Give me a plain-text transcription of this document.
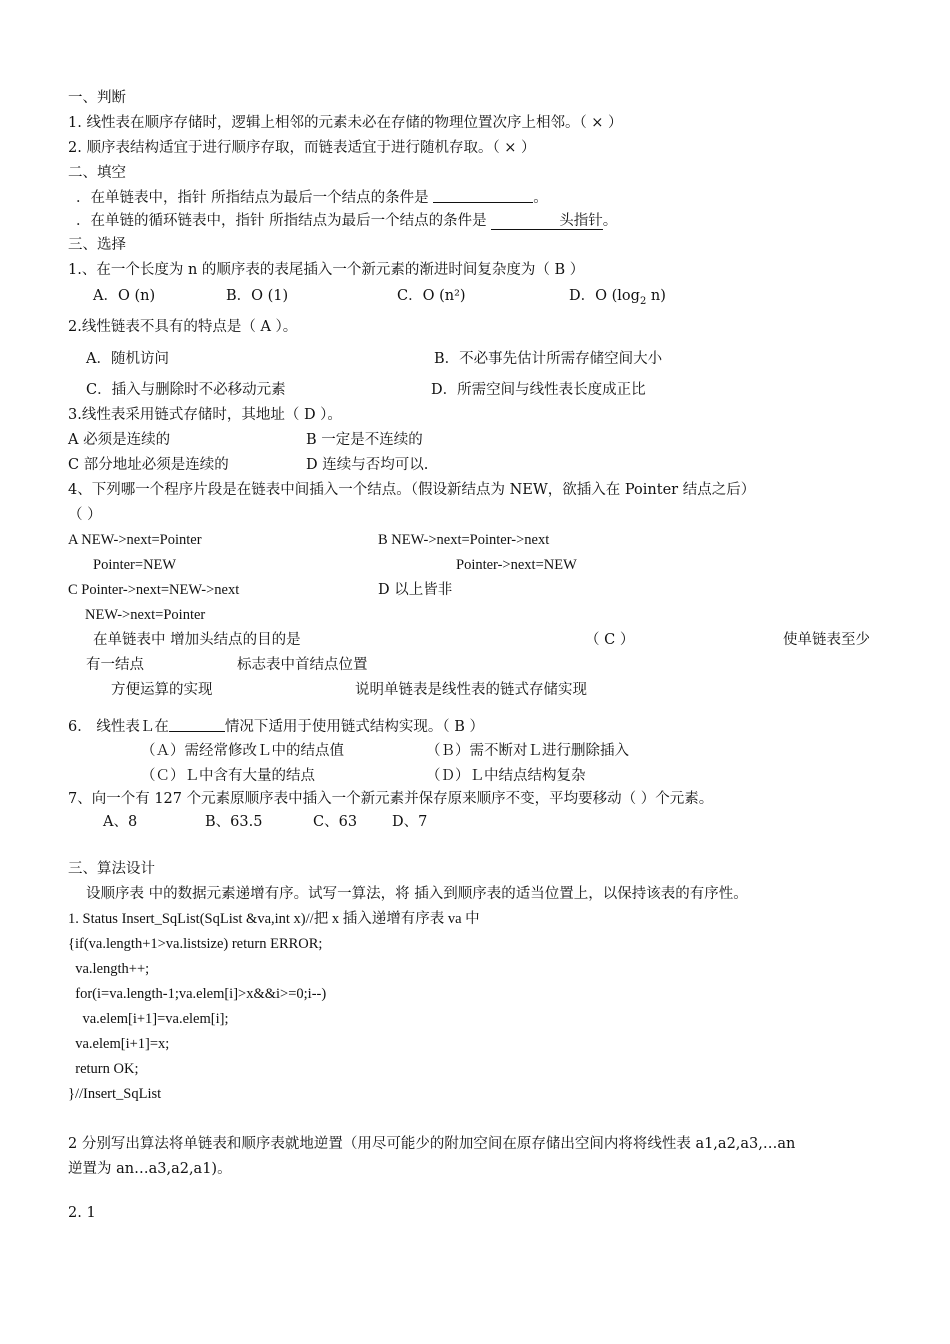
一、判断
1. 线性表在顺序存储时，逻辑上相邻的元素未必在存储的物理位置次序上相邻。（ × ）
2. 顺序表结构适宜于进行顺序存取，而链表适宜于进行随机存取。（ × ）
二、填空
．在单链表中，指针 所指结点为最后一个结点的条件是	。
．在单链的循环链表中，指针 所指结点为最后一个结点的条件是	头指针。
三、选择
1.、在一个长度为 n 的顺序表的表尾插入一个新元素的渐进时间复杂度为（ B ）
A．O (n)	B．O (1)	C．O (n²)	D．O ($\log_2$ n)
2.线性链表不具有的特点是（ A ）。
A．随机访问	B．不必事先估计所需存储空间大小
C．插入与删除时不必移动元素	D．所需空间与线性表长度成正比
3.线性表采用链式存储时，其地址（ D ）。
A 必须是连续的	B 一定是不连续的
C 部分地址必须是连续的	D 连续与否均可以.
4、下列哪一个程序片段是在链表中间插入一个结点。（假设新结点为 NEW，欲插入在 Pointer 结点之后）
（ ）
A NEW->next=Pointer
Pointer=NEW
B NEW->next=Pointer->next
Pointer->next=NEW
C Pointer->next=NEW->next
NEW->next=Pointer
D 以上皆非
在单链表中 增加头结点的目的是	（ C ）	使单链表至少
有一结点	标志表中首结点位置
方便运算的实现	说明单链表是线性表的链式存储实现
6． 线性表Ｌ在	情况下适用于使用链式结构实现。（ B ）
（Ａ）需经常修改Ｌ中的结点值	（Ｂ）需不断对Ｌ进行删除插入
（Ｃ）Ｌ中含有大量的结点	（Ｄ）Ｌ中结点结构复杂
7、向一个有 127 个元素原顺序表中插入一个新元素并保存原来顺序不变，平均要移动（ ）个元素。
A、8	B、63.5	C、63 D、7
三、算法设计
设顺序表 中的数据元素递增有序。试写一算法，将 插入到顺序表的适当位置上，以保持该表的有序性。
1. Status Insert_SqList(SqList &va,int x)//把 x 插入递增有序表 va 中
{if(va.length+1>va.listsize) return ERROR;
va.length++;
for(i=va.length-1;va.elem[i]>x&&i>=0;i--)
va.elem[i+1]=va.elem[i];
va.elem[i+1]=x;
return OK;
}//Insert_SqList
2 分别写出算法将单链表和顺序表就地逆置（用尽可能少的附加空间在原存储出空间内将将线性表 a1,a2,a3,…an
逆置为 an…a3,a2,a1)。
2. 1
